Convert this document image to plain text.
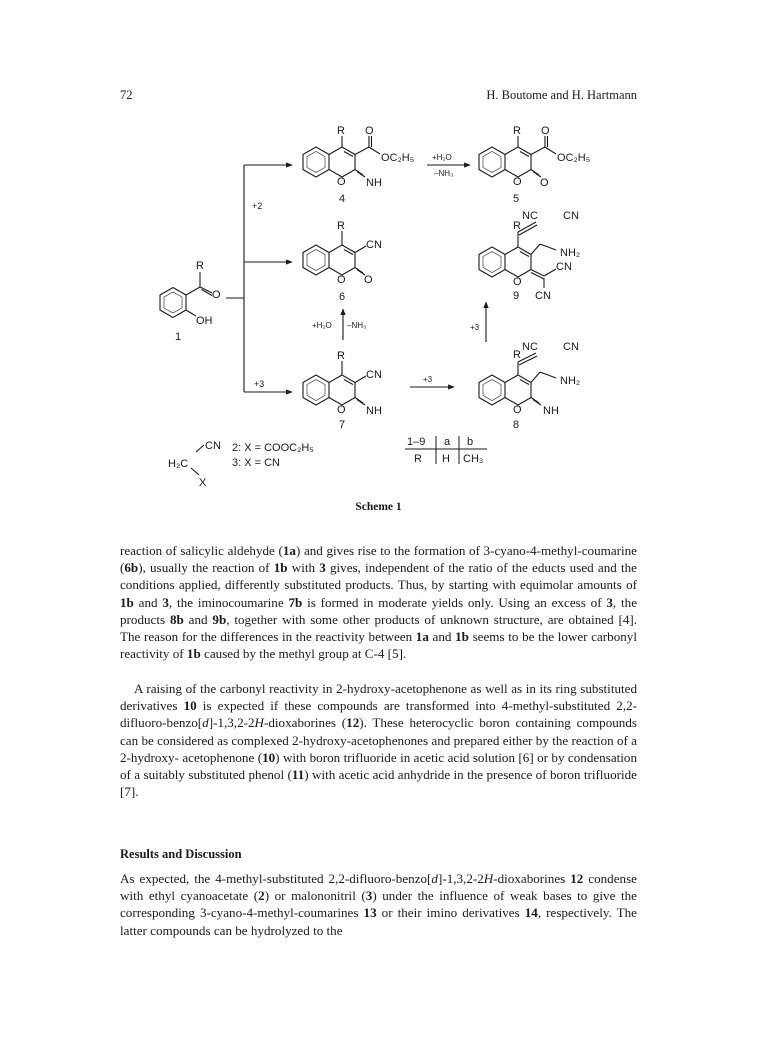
72	H. Boutome and H. Hartmann
R
O
OH
1
+2
+3
R O
OC₂H₅
O NH
4
+H₂O
–NH₃
R O
OC₂H₅
O O
5
R
CN
O O
6
+H₂O –NH₃
R
CN
O NH
7
+3
R
NC CN
NH₂
O NH
8
+3
R
NC CN
NH₂
CN
O
CN
9
CN
H₂C
X
2: X = COOC₂H₅
3: X = CN
1–9 a b
R H CH₃
Scheme 1

reaction of salicylic aldehyde (1a) and gives rise to the formation of 3-cyano-4-methyl-coumarine (6b), usually the reaction of 1b with 3 gives, independent of the ratio of the educts used and the conditions applied, differently substituted products. Thus, by starting with equimolar amounts of 1b and 3, the iminocoumarine 7b is formed in moderate yields only. Using an excess of 3, the products 8b and 9b, together with some other products of unknown structure, are obtained [4]. The reason for the differences in the reactivity between 1a and 1b seems to be the lower carbonyl reactivity of 1b caused by the methyl group at C-4 [5].

A raising of the carbonyl reactivity in 2-hydroxy-acetophenone as well as in its ring substituted derivatives 10 is expected if these compounds are transformed into 4-methyl-substituted 2,2-difluoro-benzo[d]-1,3,2-2H-dioxaborines (12). These heterocyclic boron containing compounds can be considered as complexed 2-hydroxy-acetophenones and prepared either by the reaction of a 2-hydroxy- acetophenone (10) with boron trifluoride in acetic acid solution [6] or by condensation of a suitably substituted phenol (11) with acetic acid anhydride in the presence of boron trifluoride [7].

Results and Discussion

As expected, the 4-methyl-substituted 2,2-difluoro-benzo[d]-1,3,2-2H-dioxaborines 12 condense with ethyl cyanoacetate (2) or malononitril (3) under the influence of weak bases to give the corresponding 3-cyano-4-methyl-coumarines 13 or their imino derivatives 14, respectively. The latter compounds can be hydrolyzed to the
